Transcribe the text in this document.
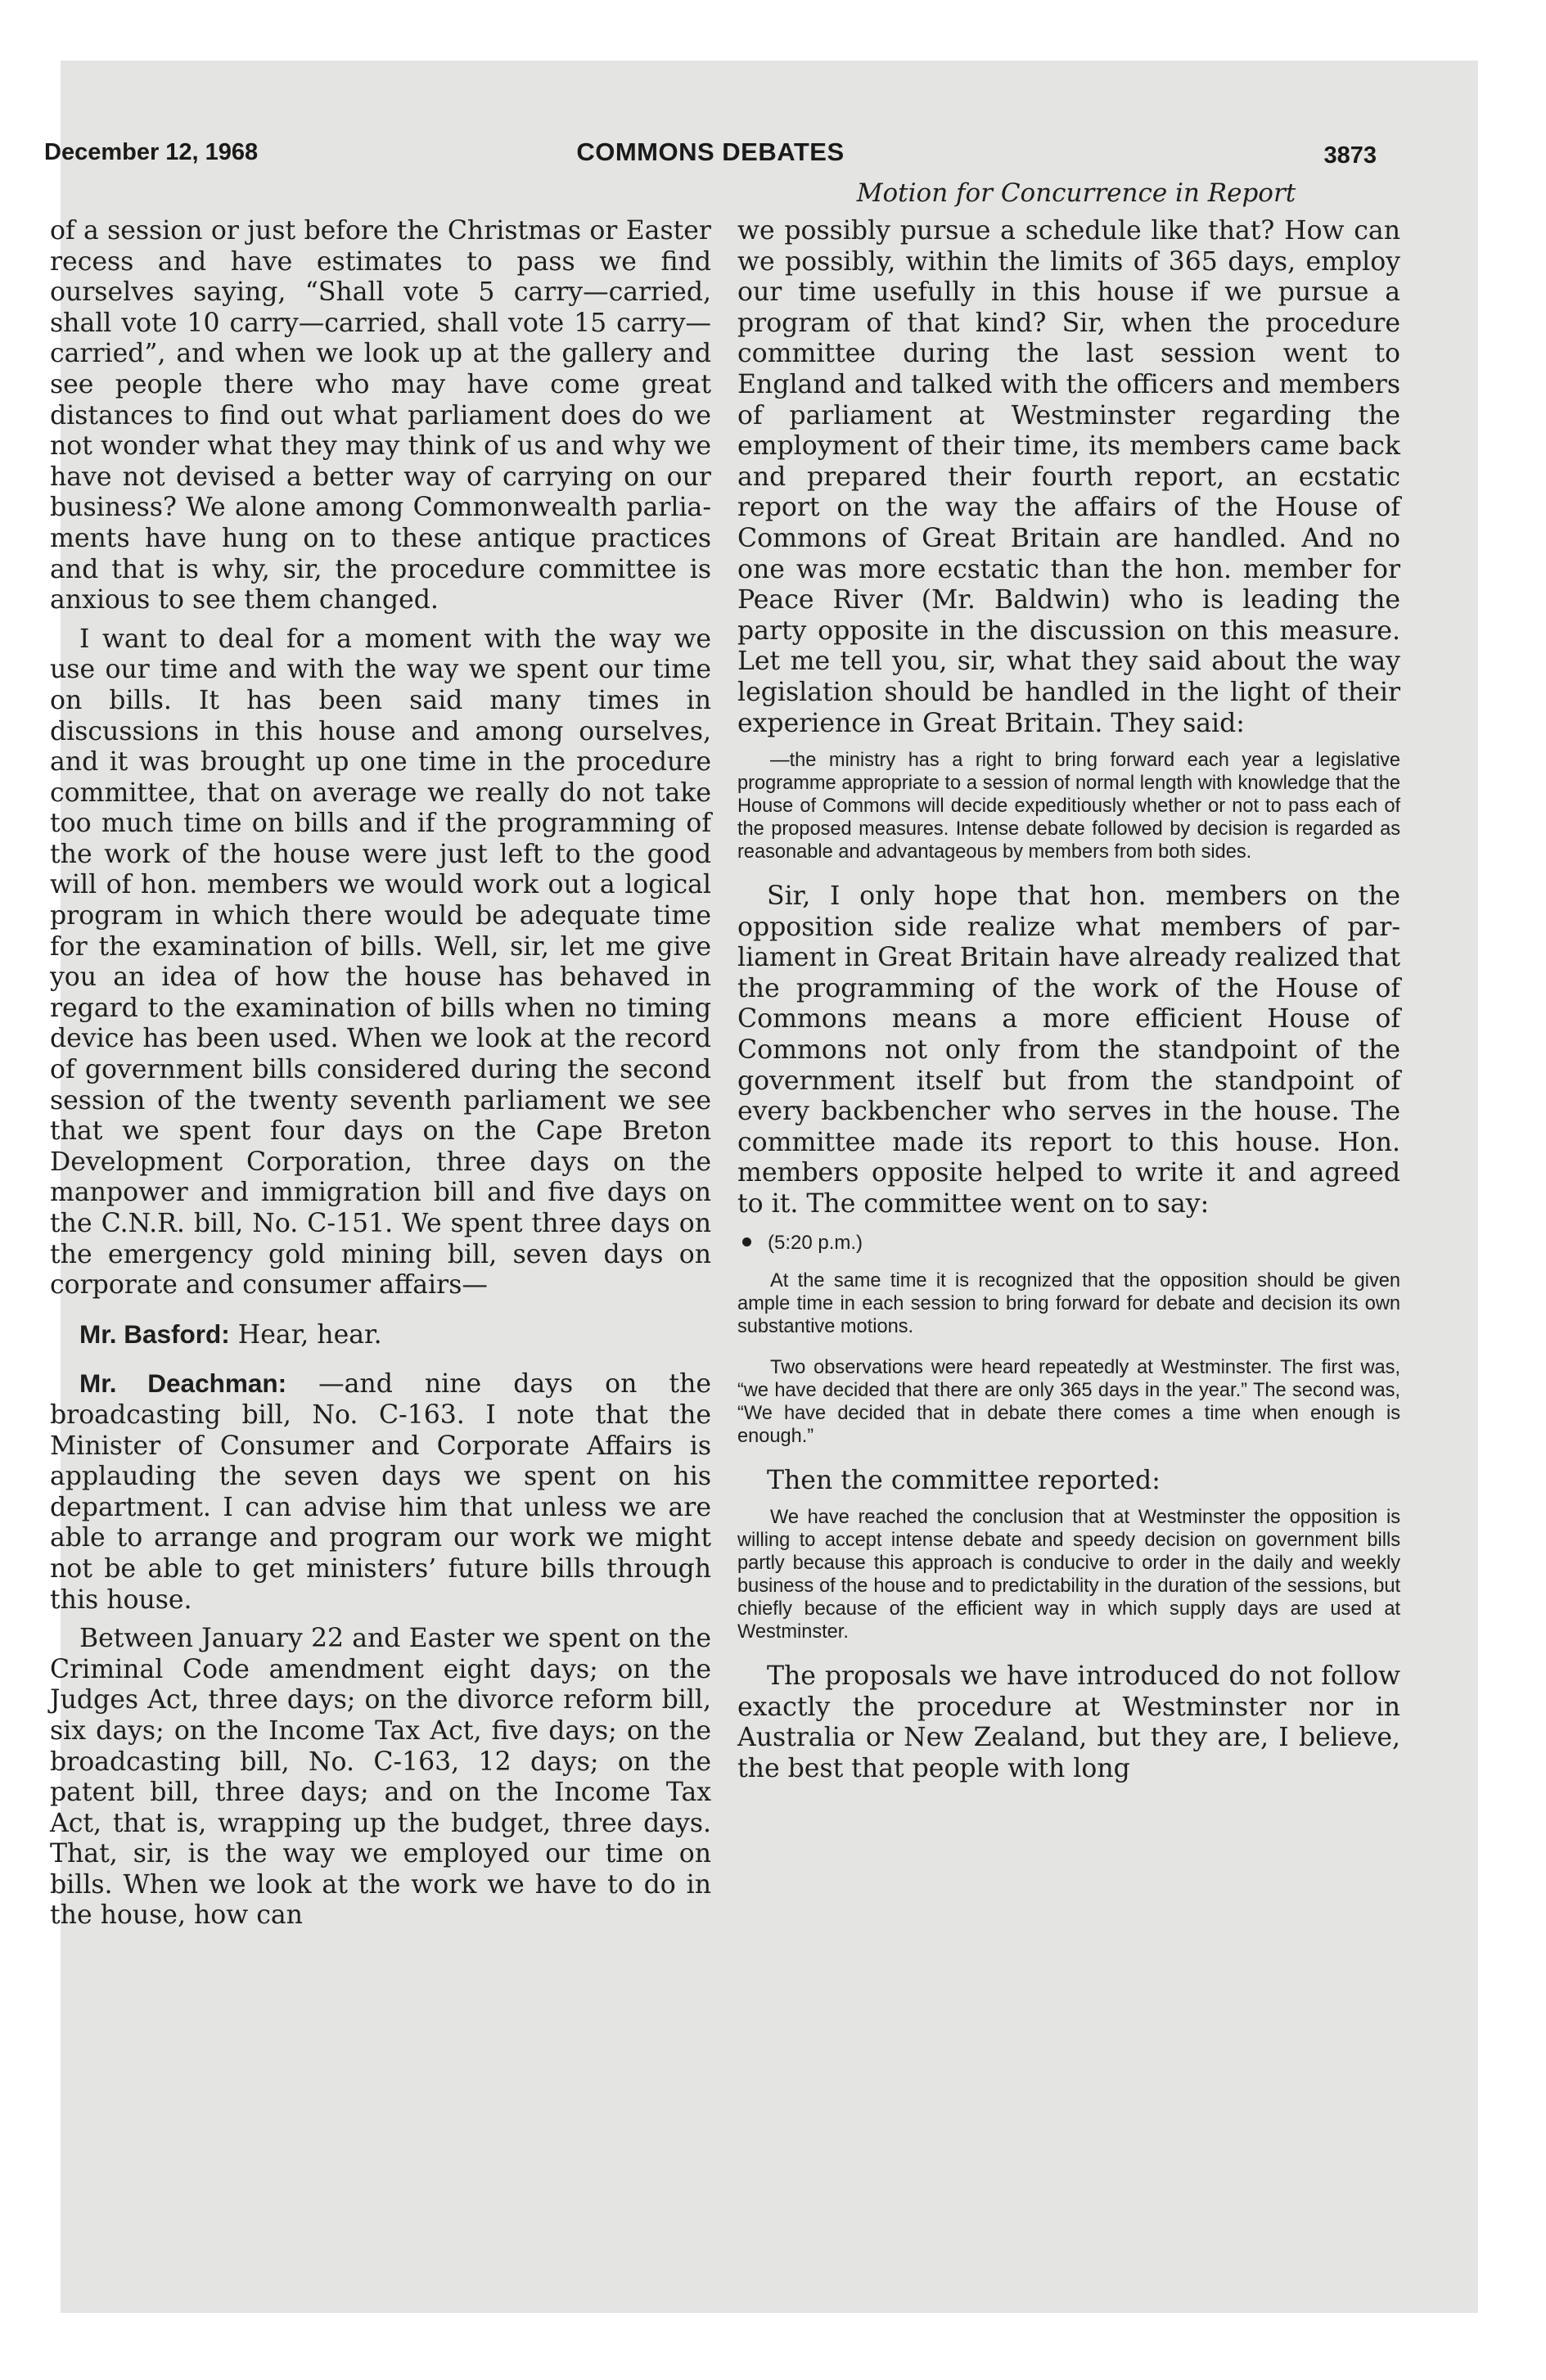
December 12, 1968	COMMONS DEBATES	3873
Motion for Concurrence in Report

of a session or just before the Christmas or Easter recess and have estimates to pass we find ourselves saying, “Shall vote 5 carry—carried, shall vote 10 carry—carried, shall vote 15 carry—carried”, and when we look up at the gallery and see people there who may have come great distances to find out what parliament does do we not wonder what they may think of us and why we have not devised a better way of carrying on our business? We alone among Commonwealth parliaments have hung on to these antique practices and that is why, sir, the procedure committee is anxious to see them changed.

I want to deal for a moment with the way we use our time and with the way we spent our time on bills. It has been said many times in discussions in this house and among ourselves, and it was brought up one time in the procedure committee, that on average we really do not take too much time on bills and if the programming of the work of the house were just left to the good will of hon. members we would work out a logical program in which there would be adequate time for the examination of bills. Well, sir, let me give you an idea of how the house has behaved in regard to the examination of bills when no timing device has been used. When we look at the record of government bills considered during the second session of the twenty seventh parliament we see that we spent four days on the Cape Breton Development Corporation, three days on the manpower and immigration bill and five days on the C.N.R. bill, No. C-151. We spent three days on the emergency gold mining bill, seven days on corporate and consumer affairs—

Mr. Basford: Hear, hear.

Mr. Deachman: —and nine days on the broadcasting bill, No. C-163. I note that the Minister of Consumer and Corporate Affairs is applauding the seven days we spent on his department. I can advise him that unless we are able to arrange and program our work we might not be able to get ministers’ future bills through this house.

Between January 22 and Easter we spent on the Criminal Code amendment eight days; on the Judges Act, three days; on the divorce reform bill, six days; on the Income Tax Act, five days; on the broadcasting bill, No. C-163, 12 days; on the patent bill, three days; and on the Income Tax Act, that is, wrapping up the budget, three days. That, sir, is the way we employed our time on bills. When we look at the work we have to do in the house, how can

we possibly pursue a schedule like that? How can we possibly, within the limits of 365 days, employ our time usefully in this house if we pursue a program of that kind? Sir, when the procedure committee during the last session went to England and talked with the officers and members of parliament at Westminster regarding the employment of their time, its members came back and prepared their fourth report, an ecstatic report on the way the affairs of the House of Commons of Great Britain are handled. And no one was more ecstatic than the hon. member for Peace River (Mr. Baldwin) who is leading the party opposite in the discussion on this measure. Let me tell you, sir, what they said about the way legislation should be handled in the light of their experience in Great Britain. They said:

—the ministry has a right to bring forward each year a legislative programme appropriate to a session of normal length with knowledge that the House of Commons will decide expeditiously whether or not to pass each of the proposed measures. Intense debate followed by decision is regarded as reasonable and advantageous by members from both sides.

Sir, I only hope that hon. members on the opposition side realize what members of parliament in Great Britain have already realized that the programming of the work of the House of Commons means a more efficient House of Commons not only from the standpoint of the government itself but from the standpoint of every backbencher who serves in the house. The committee made its report to this house. Hon. members opposite helped to write it and agreed to it. The committee went on to say:

(5:20 p.m.)
At the same time it is recognized that the opposition should be given ample time in each session to bring forward for debate and decision its own substantive motions.
Two observations were heard repeatedly at Westminster. The first was, “we have decided that there are only 365 days in the year.” The second was, “We have decided that in debate there comes a time when enough is enough.”

Then the committee reported:

We have reached the conclusion that at Westminster the opposition is willing to accept intense debate and speedy decision on government bills partly because this approach is conducive to order in the daily and weekly business of the house and to predictability in the duration of the sessions, but chiefly because of the efficient way in which supply days are used at Westminster.

The proposals we have introduced do not follow exactly the procedure at Westminster nor in Australia or New Zealand, but they are, I believe, the best that people with long
